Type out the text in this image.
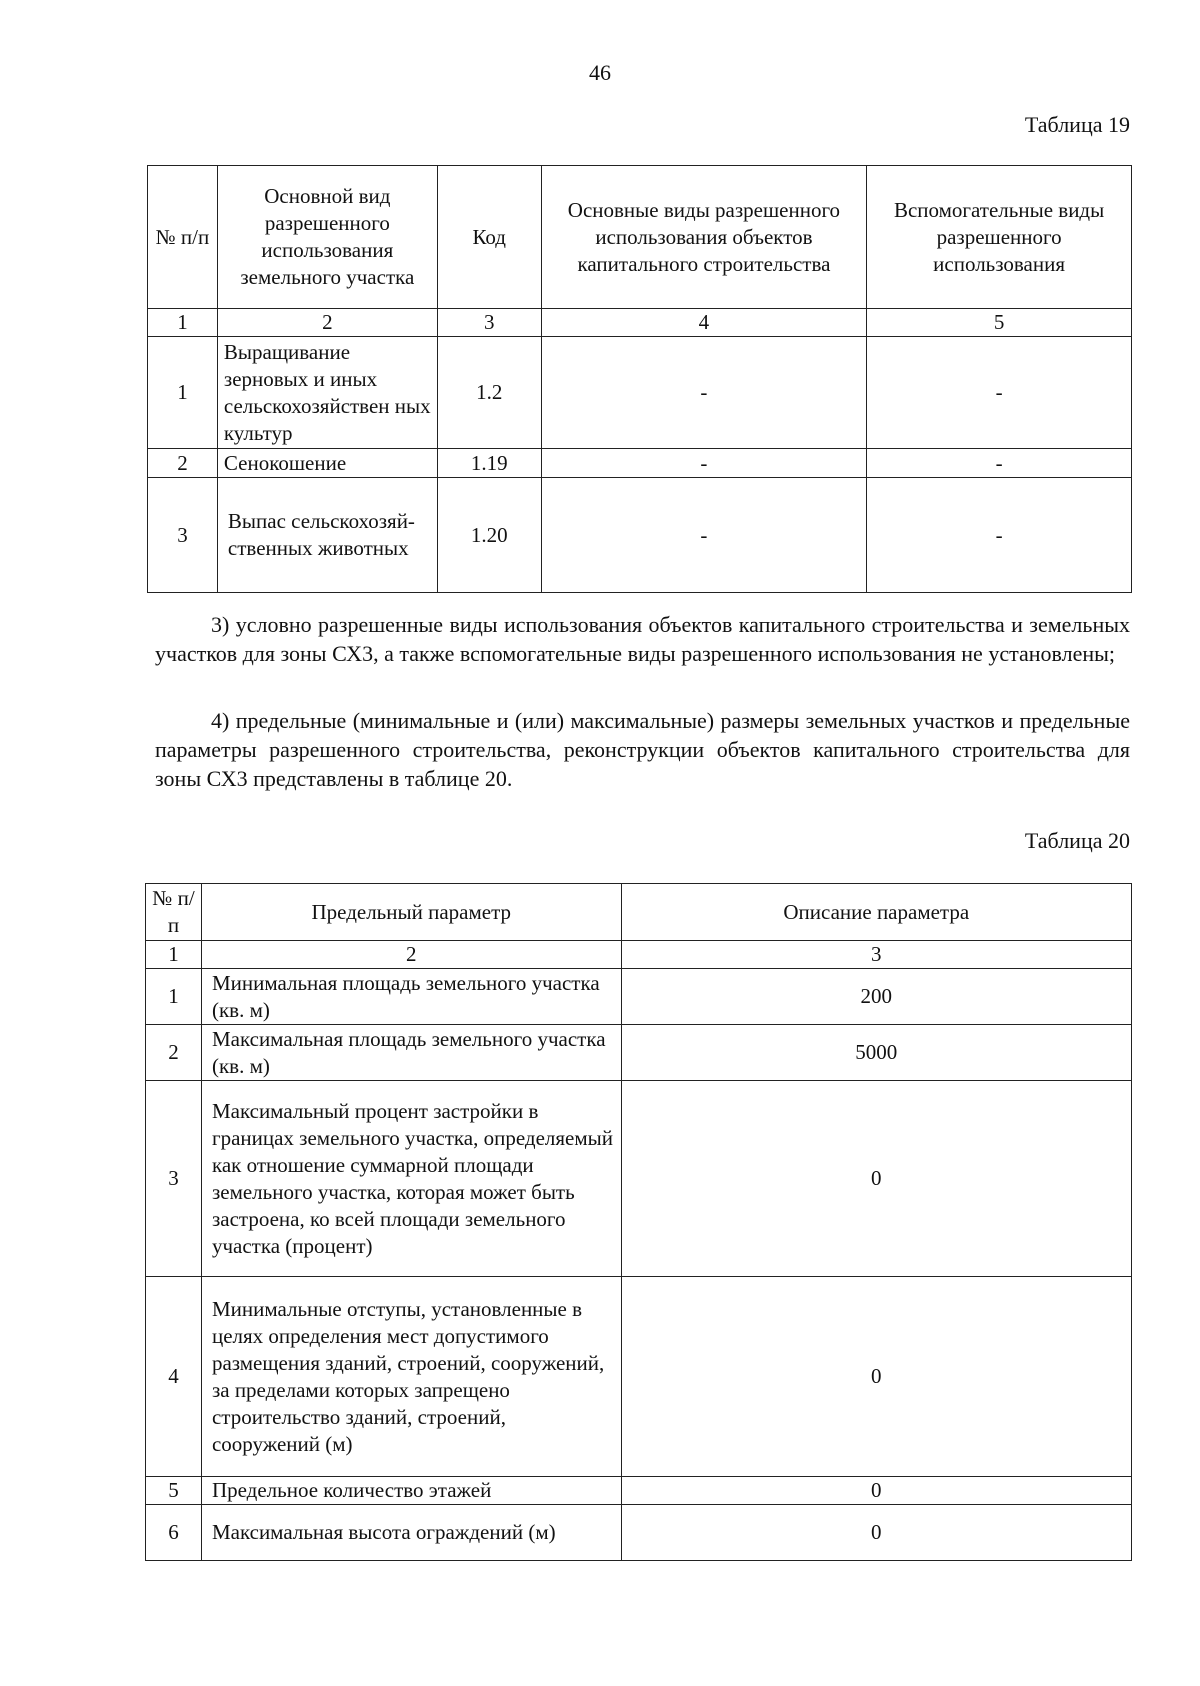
46
Таблица 19
№ п/п	Основной вид разрешенного использования земельного участка	Код	Основные виды разрешенного использования объектов капитального строительства	Вспомогательные виды разрешенного использования
1	2	3	4	5
1	Выращивание зерновых и иных сельскохозяйствен ных культур	1.2	-	-
2	Сенокошение	1.19	-	-
3	Выпас сельскохозяй-ственных животных	1.20	-	-

3) условно разрешенные виды использования объектов капитального строительства и земельных участков для зоны СХ3, а также вспомогательные виды разрешенного использования не установлены;

4) предельные (минимальные и (или) максимальные) размеры земельных участков и предельные параметры разрешенного строительства, реконструкции объектов капитального строительства для зоны СХ3 представлены в таблице 20.

Таблица 20
№ п/п	Предельный параметр	Описание параметра
1	2	3
1	Минимальная площадь земельного участка (кв. м)	200
2	Максимальная площадь земельного участка (кв. м)	5000
3	Максимальный процент застройки в границах земельного участка, определяемый как отношение суммарной площади земельного участка, которая может быть застроена, ко всей площади земельного участка (процент)	0
4	Минимальные отступы, установленные в целях определения мест допустимого размещения зданий, строений, сооружений, за пределами которых запрещено строительство зданий, строений, сооружений (м)	0
5	Предельное количество этажей	0
6	Максимальная высота ограждений (м)	0
